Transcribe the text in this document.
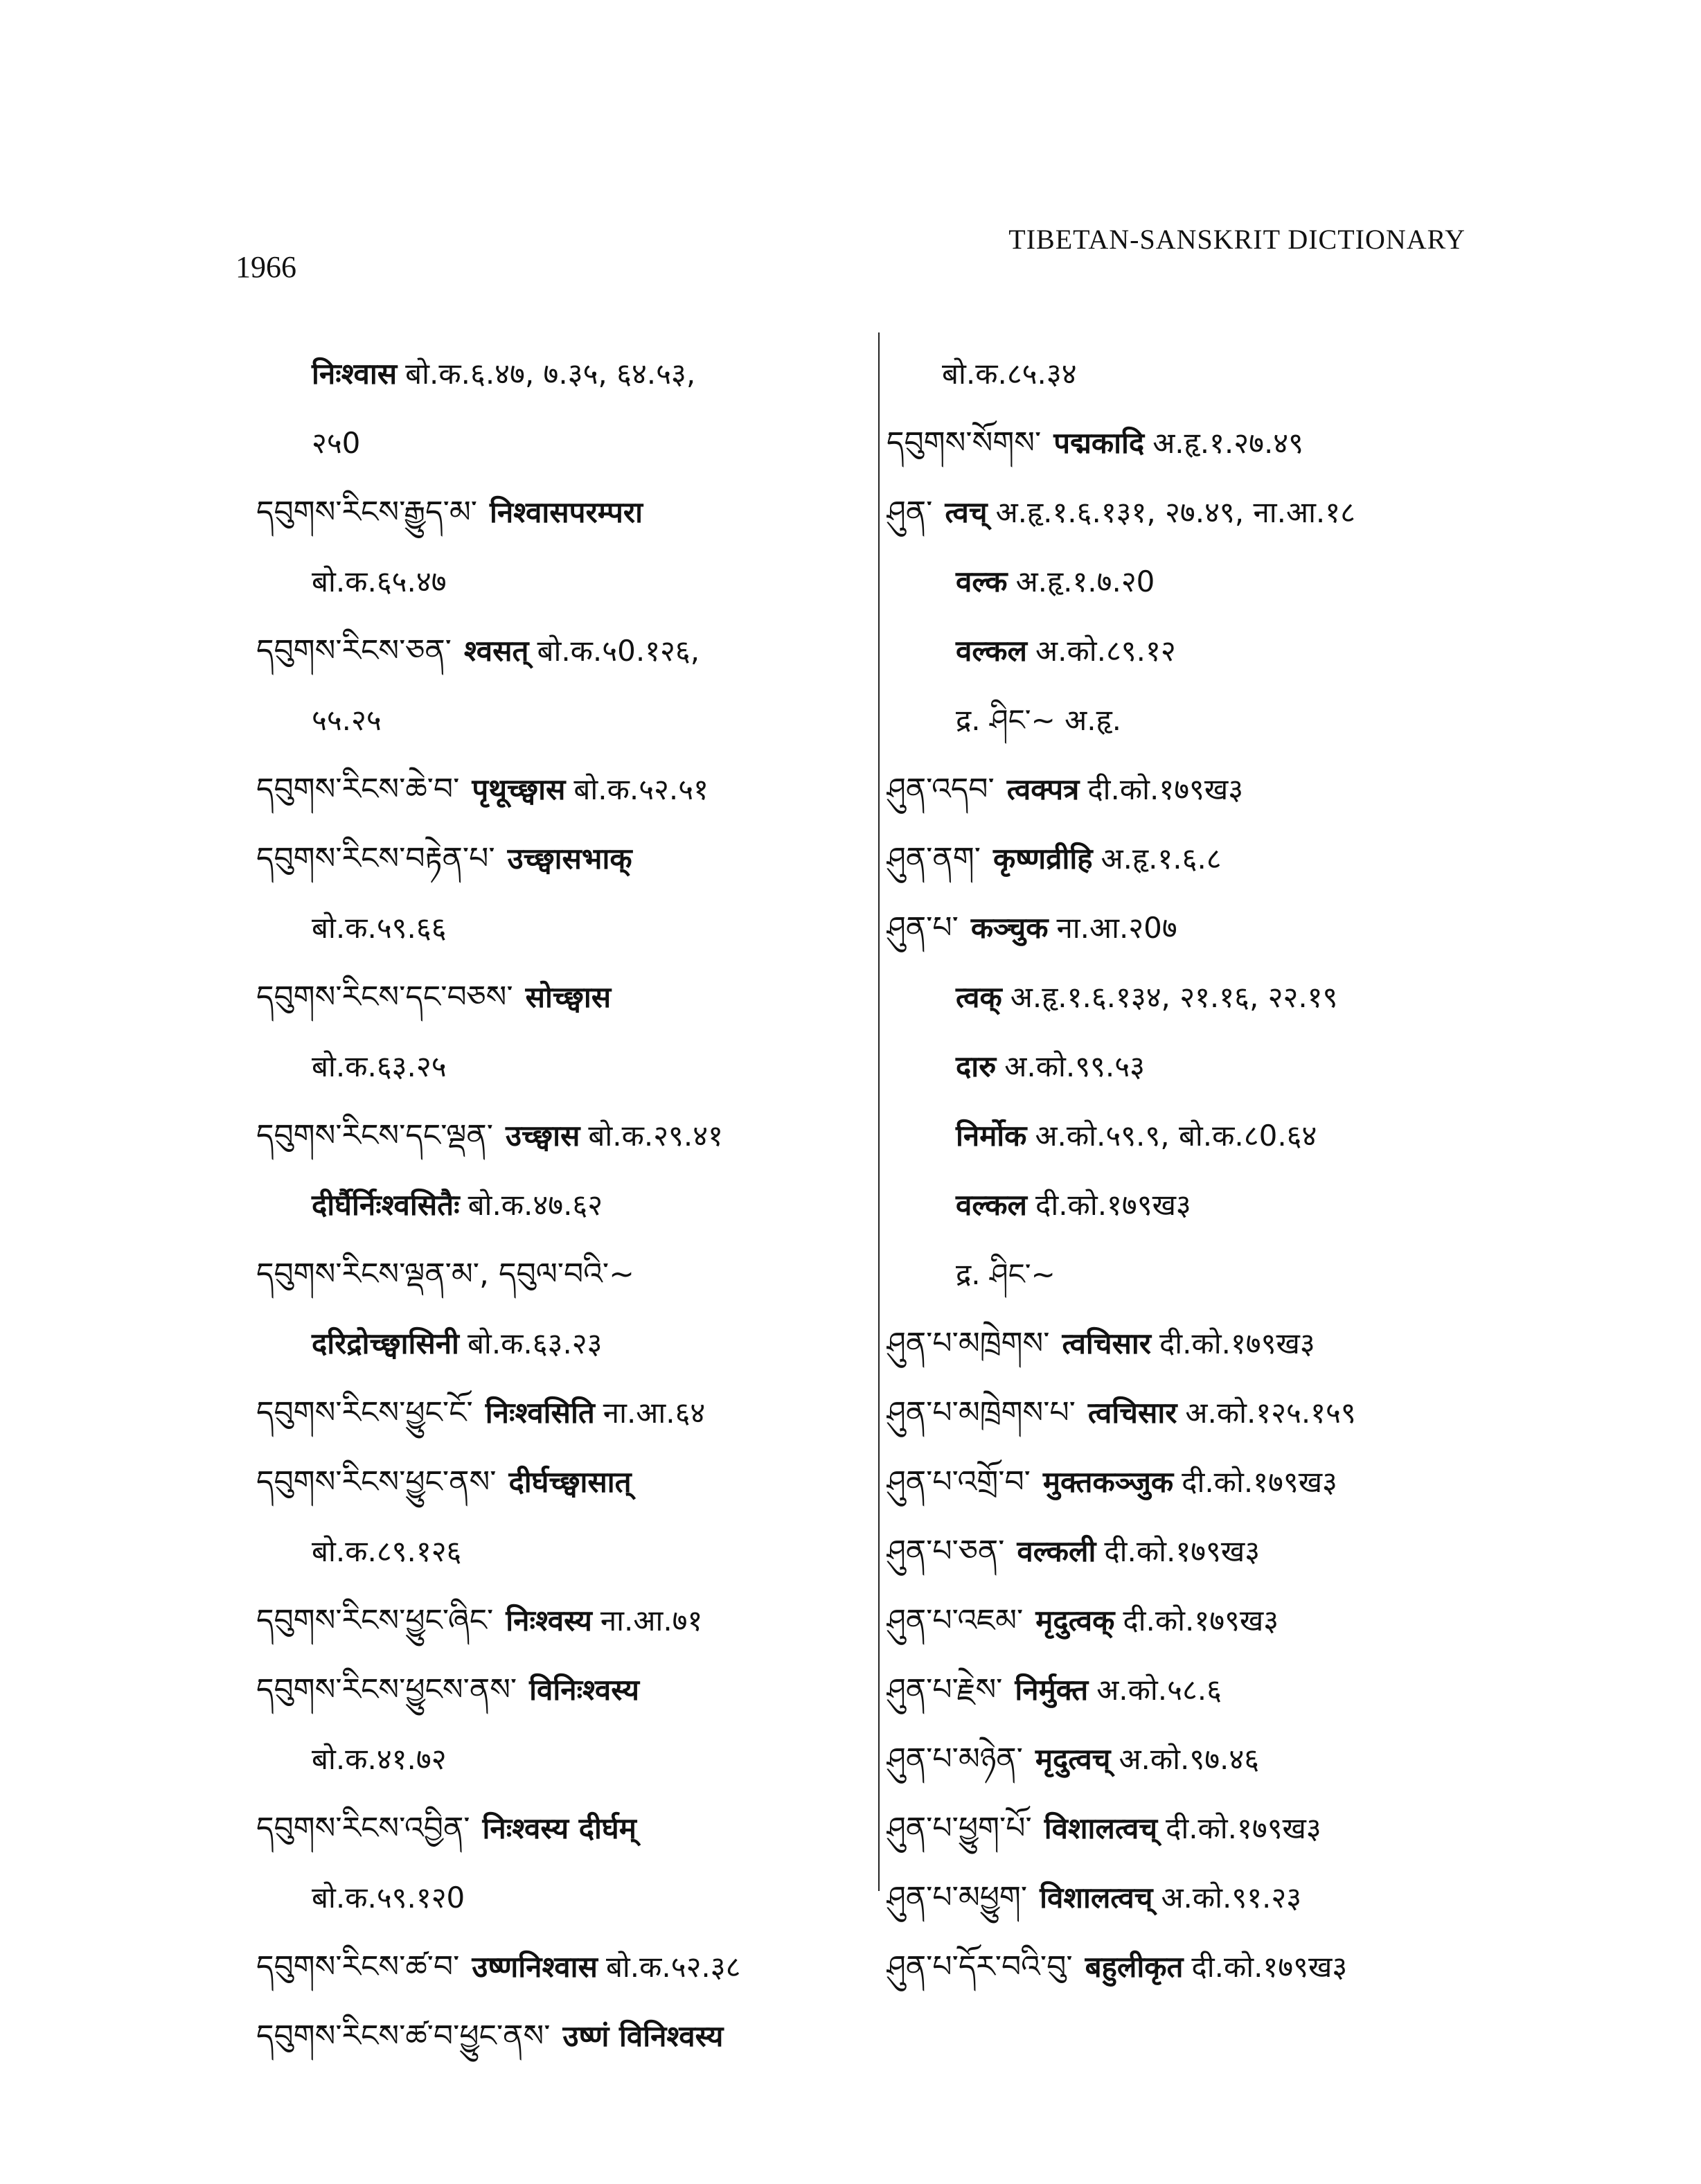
1966
TIBETAN-SANSKRIT DICTIONARY
निःश्वास बो.क.६.४७, ७.३५, ६४.५३,
२५0
དབུགས་རིངས་རྒྱུད་མ་ निश्वासपरम्परा
बो.क.६५.४७
དབུགས་རིངས་ཅན་ श्वसत् बो.क.५0.१२६,
५५.२५
དབུགས་རིངས་ཆེ་བ་ पृथूच्छ्वास बो.क.५२.५१
དབུགས་རིངས་བརྟེན་པ་ उच्छ्वासभाक्
बो.क.५९.६६
དབུགས་རིངས་དང་བཅས་ सोच्छ्वास
बो.क.६३.२५
དབུགས་རིངས་དང་ལྡན་ उच्छ्वास बो.क.२९.४१
दीर्घैर्निःश्वसितैः बो.क.४७.६२
དབུགས་རིངས་ལྡན་མ་, དབུལ་བའི་~
दरिद्रोच्छ्वासिनी बो.क.६३.२३
དབུགས་རིངས་ཕྱུང་ངོ་ निःश्वसिति ना.आ.६४
དབུགས་རིངས་ཕྱུང་ནས་ दीर्घच्छ्वासात्
बो.क.८९.१२६
དབུགས་རིངས་ཕྱུང་ཞིང་ निःश्वस्य ना.आ.७१
དབུགས་རིངས་ཕྱུངས་ནས་ विनिःश्वस्य
बो.क.४१.७२
དབུགས་རིངས་འབྱིན་ निःश्वस्य दीर्घम्
बो.क.५९.१२0
དབུགས་རིངས་ཚ་བ་ उष्णनिश्वास बो.क.५२.३८
དབུགས་རིངས་ཚ་བ་ཕྱུང་ནས་ उष्णं विनिश्वस्य
बो.क.८५.३४
དབུགས་སོགས་ पद्मकादि अ.हृ.१.२७.४९
ཤུན་ त्वच् अ.हृ.१.६.१३१, २७.४९, ना.आ.१८
वल्क अ.हृ.१.७.२0
वल्कल अ.को.८९.१२
द्र. ཤིང་~ अ.हृ.
ཤུན་འདབ་ त्वक्पत्र दी.को.१७९ख३
ཤུན་ནག་ कृष्णव्रीहि अ.हृ.१.६.८
ཤུན་པ་ कञ्चुक ना.आ.२0७
त्वक् अ.हृ.१.६.१३४, २१.१६, २२.१९
दारु अ.को.९९.५३
निर्मोक अ.को.५९.९, बो.क.८0.६४
वल्कल दी.को.१७९ख३
द्र. ཤིང་~
ཤུན་པ་མཁྲེགས་ त्वचिसार दी.को.१७९ख३
ཤུན་པ་མཁྲེགས་པ་ त्वचिसार अ.को.१२५.१५९
ཤུན་པ་འགྲོ་བ་ मुक्तकञ्जुक दी.को.१७९ख३
ཤུན་པ་ཅན་ वल्कली दी.को.१७९ख३
ཤུན་པ་འཇམ་ मृदुत्वक् दी.को.१७९ख३
ཤུན་པ་རྗེས་ निर्मुक्त अ.को.५८.६
ཤུན་པ་མཉེན་ मृदुत्वच् अ.को.९७.४६
ཤུན་པ་ཕྱུག་པོ་ विशालत्वच् दी.को.१७९ख३
ཤུན་པ་མཕྱུག་ विशालत्वच् अ.को.९१.२३
ཤུན་པ་དོར་བའི་བུ་ बहुलीकृत दी.को.१७९ख३
